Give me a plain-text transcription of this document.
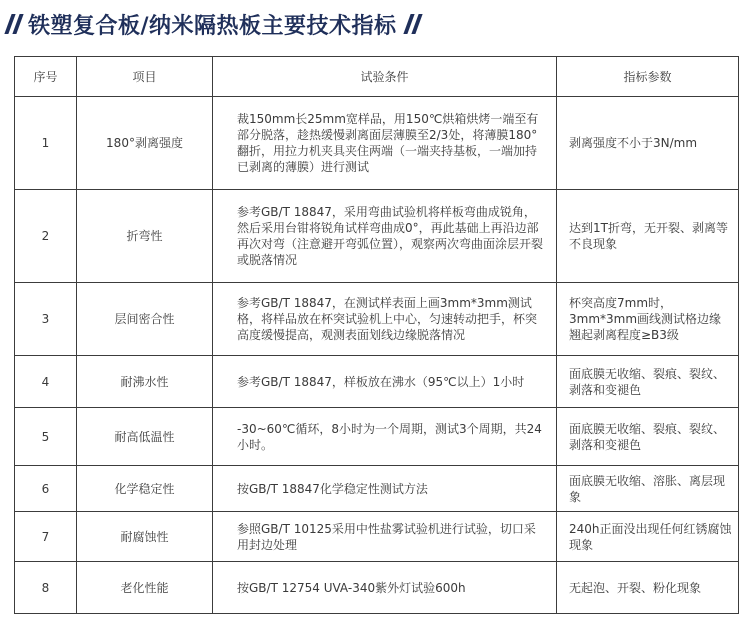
铁塑复合板/纳米隔热板主要技术指标
序号	项目	试验条件	指标参数
1	180°剥离强度	裁150mm长25mm宽样品，用150℃烘箱烘烤一端至有部分脱落，趁热缓慢剥离面层薄膜至2/3处，将薄膜180°翻折，用拉力机夹具夹住两端（一端夹持基板，一端加持已剥离的薄膜）进行测试	剥离强度不小于3N/mm
2	折弯性	参考GB/T 18847，采用弯曲试验机将样板弯曲成锐角，然后采用台钳将锐角试样弯曲成0°，再此基础上再沿边部再次对弯（注意避开弯弧位置），观察两次弯曲面涂层开裂或脱落情况	达到1T折弯，无开裂、剥离等不良现象
3	层间密合性	参考GB/T 18847，在测试样表面上画3mm*3mm测试格，将样品放在杯突试验机上中心，匀速转动把手，杯突高度缓慢提高，观测表面划线边缘脱落情况	杯突高度7mm时，3mm*3mm画线测试格边缘翘起剥离程度≥B3级
4	耐沸水性	参考GB/T 18847，样板放在沸水（95℃以上）1小时	面底膜无收缩、裂痕、裂纹、剥落和变褪色
5	耐高低温性	-30~60℃循环，8小时为一个周期，测试3个周期，共24小时。	面底膜无收缩、裂痕、裂纹、剥落和变褪色
6	化学稳定性	按GB/T 18847化学稳定性测试方法	面底膜无收缩、溶胀、离层现象
7	耐腐蚀性	参照GB/T 10125采用中性盐雾试验机进行试验，切口采用封边处理	240h正面没出现任何红锈腐蚀现象
8	老化性能	按GB/T 12754 UVA-340紫外灯试验600h	无起泡、开裂、粉化现象
